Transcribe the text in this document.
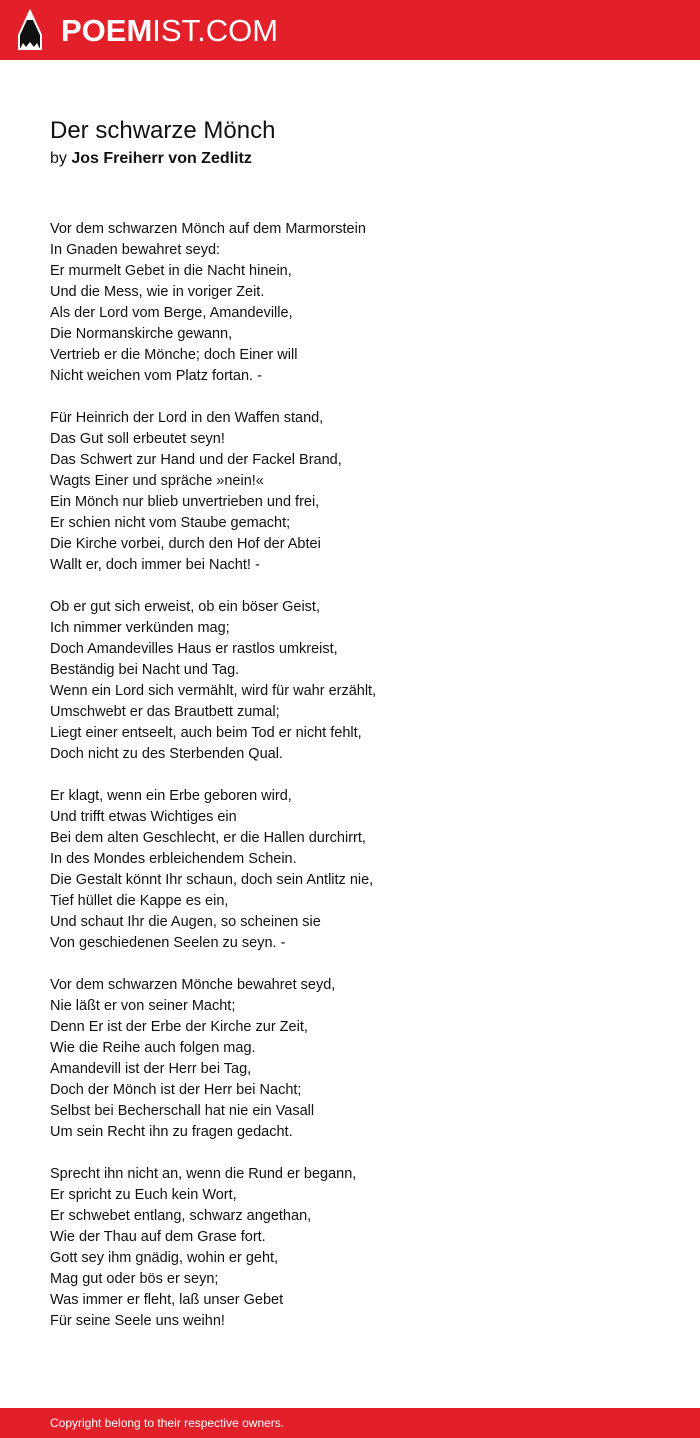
POEMIST.COM
Der schwarze Mönch
by Jos Freiherr von Zedlitz
Vor dem schwarzen Mönch auf dem Marmorstein
In Gnaden bewahret seyd:
Er murmelt Gebet in die Nacht hinein,
Und die Mess, wie in voriger Zeit.
Als der Lord vom Berge, Amandeville,
Die Normanskirche gewann,
Vertrieb er die Mönche; doch Einer will
Nicht weichen vom Platz fortan. -
Für Heinrich der Lord in den Waffen stand,
Das Gut soll erbeutet seyn!
Das Schwert zur Hand und der Fackel Brand,
Wagts Einer und spräche »nein!«
Ein Mönch nur blieb unvertrieben und frei,
Er schien nicht vom Staube gemacht;
Die Kirche vorbei, durch den Hof der Abtei
Wallt er, doch immer bei Nacht! -
Ob er gut sich erweist, ob ein böser Geist,
Ich nimmer verkünden mag;
Doch Amandevilles Haus er rastlos umkreist,
Beständig bei Nacht und Tag.
Wenn ein Lord sich vermählt, wird für wahr erzählt,
Umschwebt er das Brautbett zumal;
Liegt einer entseelt, auch beim Tod er nicht fehlt,
Doch nicht zu des Sterbenden Qual.
Er klagt, wenn ein Erbe geboren wird,
Und trifft etwas Wichtiges ein
Bei dem alten Geschlecht, er die Hallen durchirrt,
In des Mondes erbleichendem Schein.
Die Gestalt könnt Ihr schaun, doch sein Antlitz nie,
Tief hüllet die Kappe es ein,
Und schaut Ihr die Augen, so scheinen sie
Von geschiedenen Seelen zu seyn. -
Vor dem schwarzen Mönche bewahret seyd,
Nie läßt er von seiner Macht;
Denn Er ist der Erbe der Kirche zur Zeit,
Wie die Reihe auch folgen mag.
Amandevill ist der Herr bei Tag,
Doch der Mönch ist der Herr bei Nacht;
Selbst bei Becherschall hat nie ein Vasall
Um sein Recht ihn zu fragen gedacht.
Sprecht ihn nicht an, wenn die Rund er begann,
Er spricht zu Euch kein Wort,
Er schwebet entlang, schwarz angethan,
Wie der Thau auf dem Grase fort.
Gott sey ihm gnädig, wohin er geht,
Mag gut oder bös er seyn;
Was immer er fleht, laß unser Gebet
Für seine Seele uns weihn!
Copyright belong to their respective owners.
